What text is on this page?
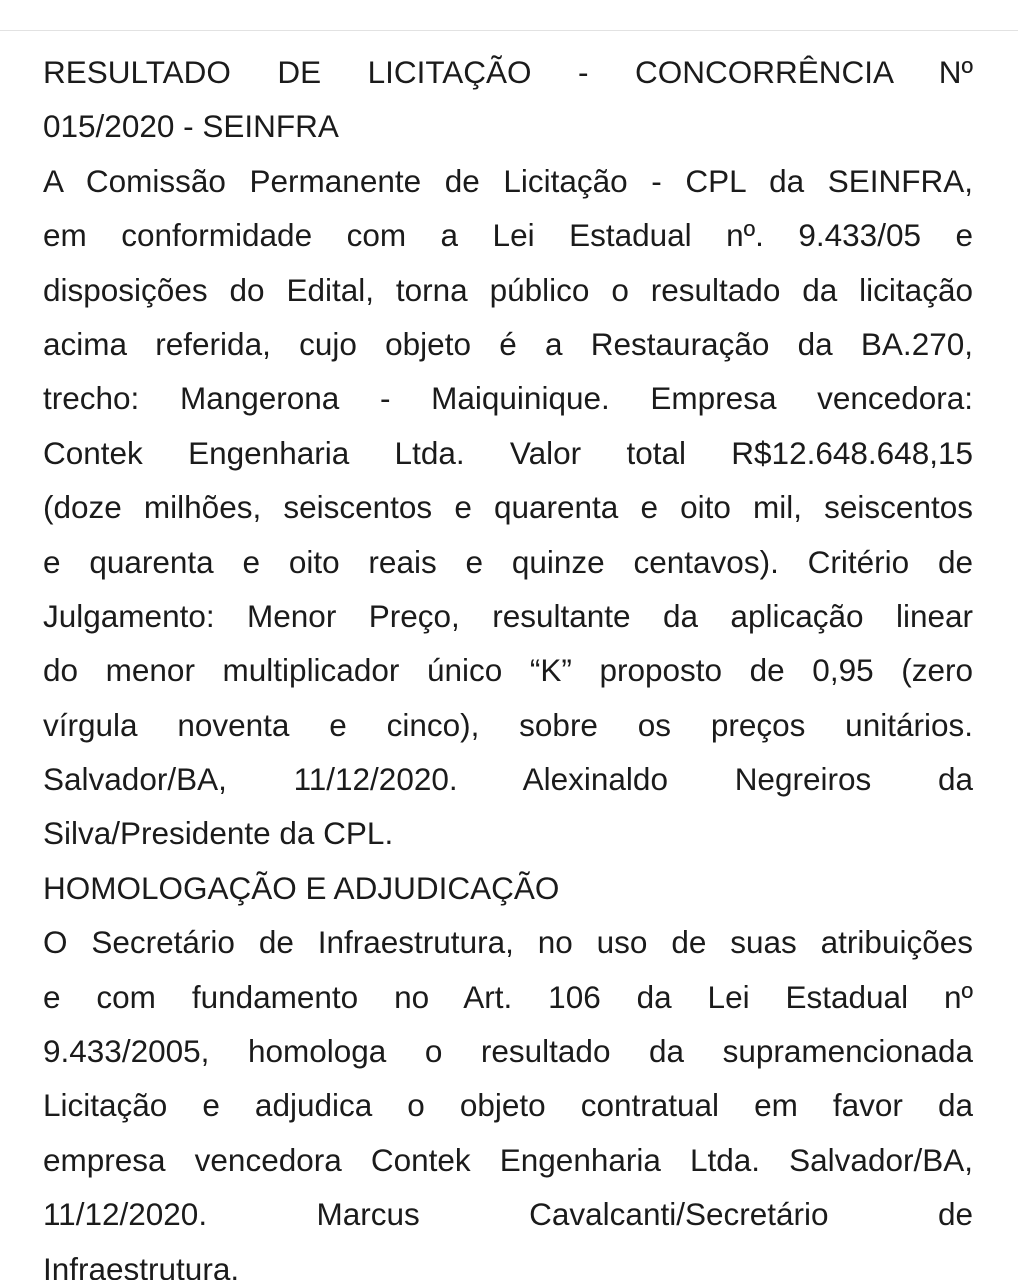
RESULTADO DE LICITAÇÃO - CONCORRÊNCIA Nº
015/2020 - SEINFRA
A Comissão Permanente de Licitação - CPL da SEINFRA,
em conformidade com a Lei Estadual nº. 9.433/05 e
disposições do Edital, torna público o resultado da licitação
acima referida, cujo objeto é a Restauração da BA.270,
trecho: Mangerona - Maiquinique. Empresa vencedora:
Contek Engenharia Ltda. Valor total R$12.648.648,15
(doze milhões, seiscentos e quarenta e oito mil, seiscentos
e quarenta e oito reais e quinze centavos). Critério de
Julgamento: Menor Preço, resultante da aplicação linear
do menor multiplicador único “K” proposto de 0,95 (zero
vírgula noventa e cinco), sobre os preços unitários.
Salvador/BA, 11/12/2020. Alexinaldo Negreiros da
Silva/Presidente da CPL.
HOMOLOGAÇÃO E ADJUDICAÇÃO
O Secretário de Infraestrutura, no uso de suas atribuições
e com fundamento no Art. 106 da Lei Estadual nº
9.433/2005, homologa o resultado da supramencionada
Licitação e adjudica o objeto contratual em favor da
empresa vencedora Contek Engenharia Ltda. Salvador/BA,
11/12/2020. Marcus Cavalcanti/Secretário de
Infraestrutura.
